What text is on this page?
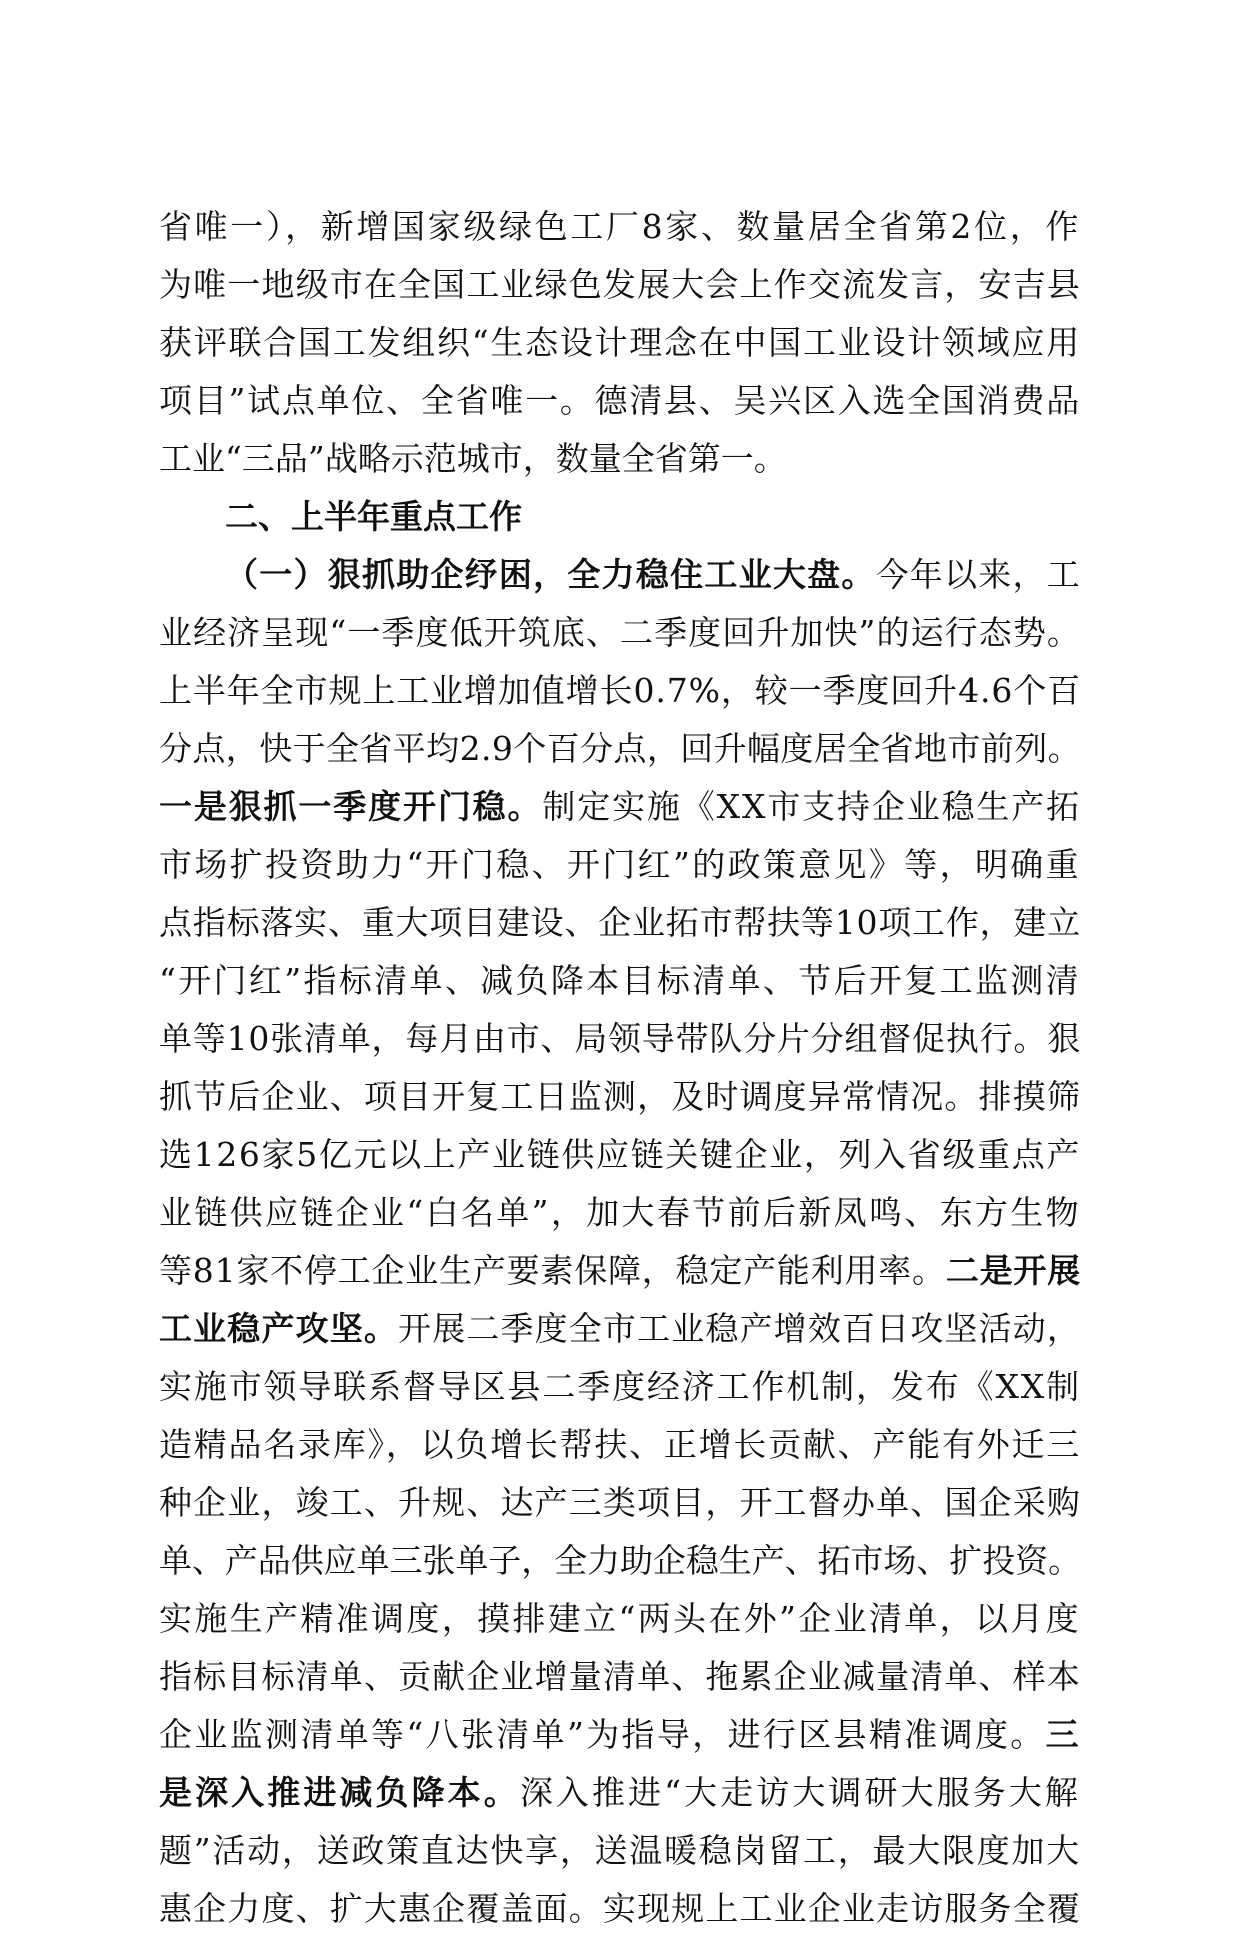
省唯一），新增国家级绿色工厂8家、数量居全省第2位，作
为唯一地级市在全国工业绿色发展大会上作交流发言，安吉县
获评联合国工发组织“生态设计理念在中国工业设计领域应用
项目”试点单位、全省唯一。德清县、吴兴区入选全国消费品
工业“三品”战略示范城市，数量全省第一。
二、上半年重点工作
（一）狠抓助企纾困，全力稳住工业大盘。今年以来，工
业经济呈现“一季度低开筑底、二季度回升加快”的运行态势。
上半年全市规上工业增加值增长0.7%，较一季度回升4.6个百
分点，快于全省平均2.9个百分点，回升幅度居全省地市前列。
一是狠抓一季度开门稳。制定实施《XX市支持企业稳生产拓
市场扩投资助力“开门稳、开门红”的政策意见》等，明确重
点指标落实、重大项目建设、企业拓市帮扶等10项工作，建立
“开门红”指标清单、减负降本目标清单、节后开复工监测清
单等10张清单，每月由市、局领导带队分片分组督促执行。狠
抓节后企业、项目开复工日监测，及时调度异常情况。排摸筛
选126家5亿元以上产业链供应链关键企业，列入省级重点产
业链供应链企业“白名单”，加大春节前后新凤鸣、东方生物
等81家不停工企业生产要素保障，稳定产能利用率。二是开展
工业稳产攻坚。开展二季度全市工业稳产增效百日攻坚活动，
实施市领导联系督导区县二季度经济工作机制，发布《XX制
造精品名录库》，以负增长帮扶、正增长贡献、产能有外迁三
种企业，竣工、升规、达产三类项目，开工督办单、国企采购
单、产品供应单三张单子，全力助企稳生产、拓市场、扩投资。
实施生产精准调度，摸排建立“两头在外”企业清单，以月度
指标目标清单、贡献企业增量清单、拖累企业减量清单、样本
企业监测清单等“八张清单”为指导，进行区县精准调度。三
是深入推进减负降本。深入推进“大走访大调研大服务大解
题”活动，送政策直达快享，送温暖稳岗留工，最大限度加大
惠企力度、扩大惠企覆盖面。实现规上工业企业走访服务全覆
